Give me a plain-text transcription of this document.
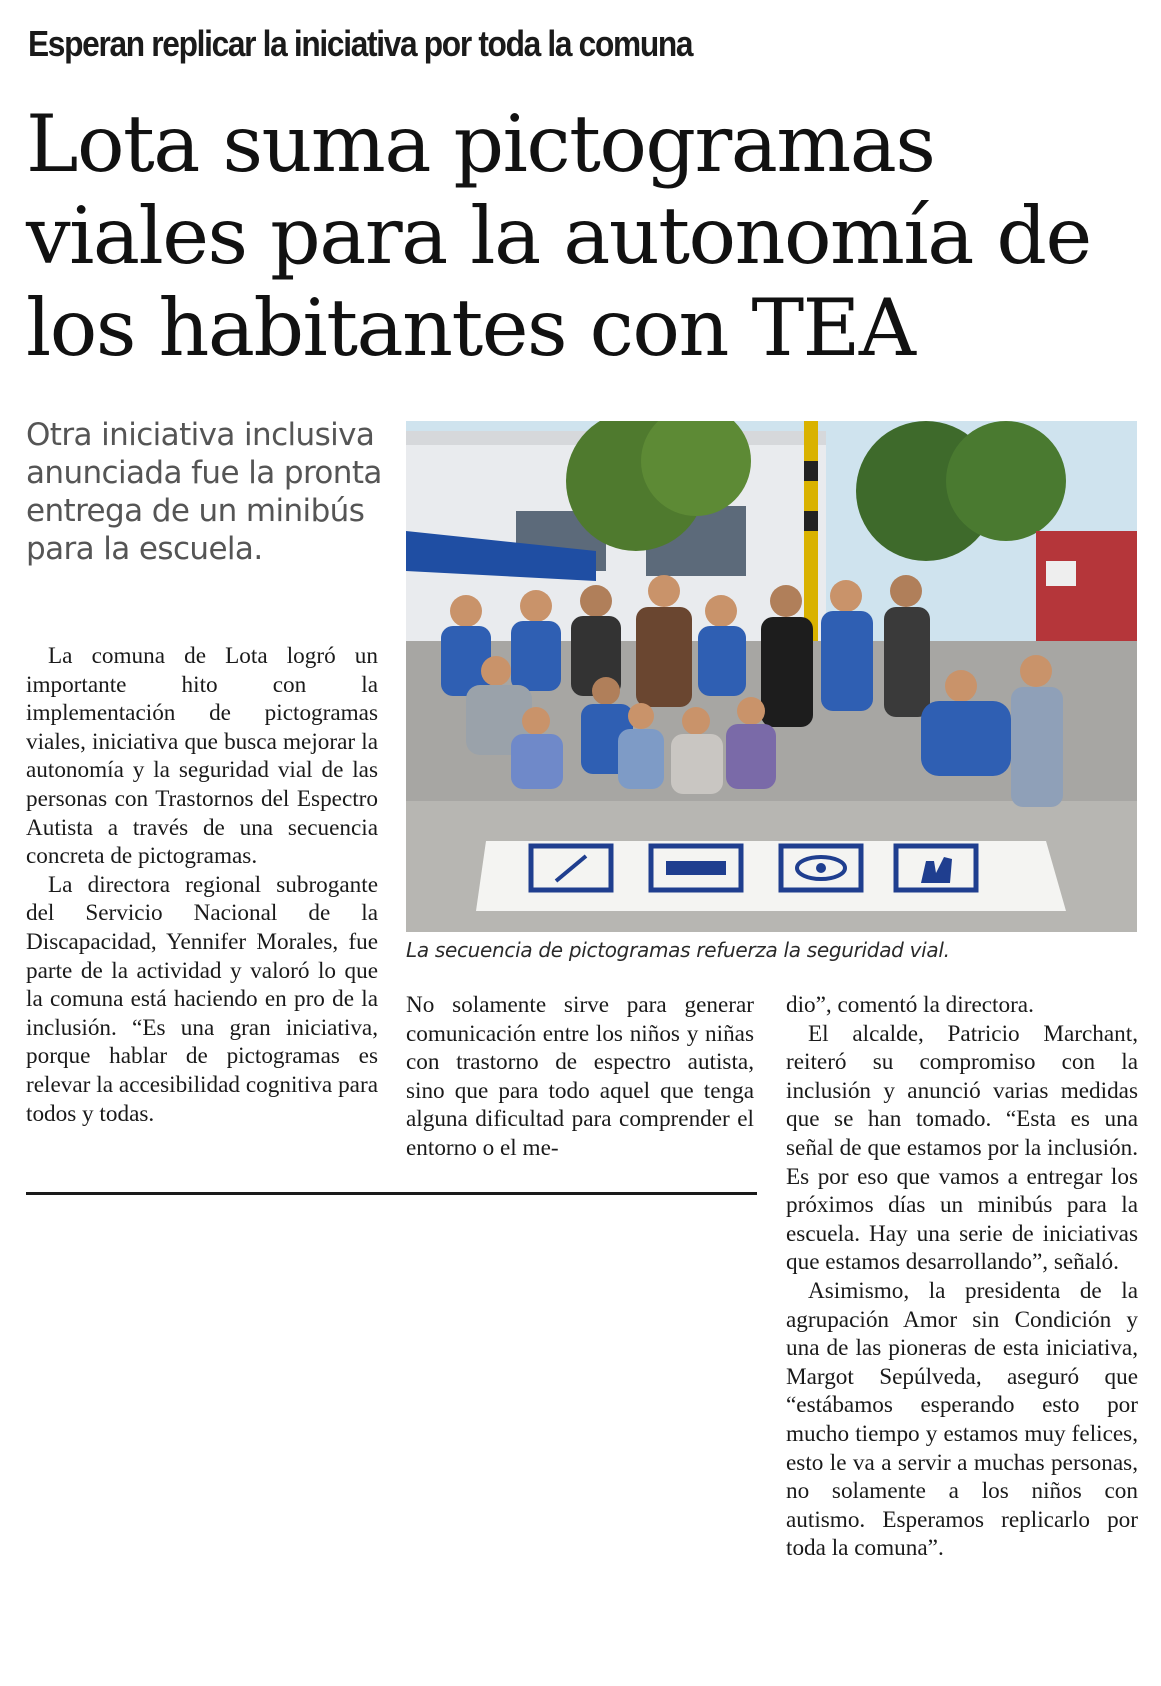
Esperan replicar la iniciativa por toda la comuna
Lota suma pictogramas viales para la autonomía de los habitantes con TEA

Otra iniciativa inclusiva anunciada fue la pronta entrega de un minibús para la escuela.

La secuencia de pictogramas refuerza la seguridad vial.

La comuna de Lota logró un importante hito con la implementación de pictogramas viales, iniciativa que busca mejorar la autonomía y la seguridad vial de las personas con Trastornos del Espectro Autista a través de una secuencia concreta de pictogramas.

La directora regional subrogante del Servicio Nacional de la Discapacidad, Yennifer Morales, fue parte de la actividad y valoró lo que la comuna está haciendo en pro de la inclusión. “Es una gran iniciativa, porque hablar de pictogramas es relevar la accesibilidad cognitiva para todos y todas.

No solamente sirve para generar comunicación entre los niños y niñas con trastorno de espectro autista, sino que para todo aquel que tenga alguna dificultad para comprender el entorno o el me-

dio”, comentó la directora.

El alcalde, Patricio Marchant, reiteró su compromiso con la inclusión y anunció varias medidas que se han tomado. “Esta es una señal de que estamos por la inclusión. Es por eso que vamos a entregar los próximos días un minibús para la escuela. Hay una serie de iniciativas que estamos desarrollando”, señaló.

Asimismo, la presidenta de la agrupación Amor sin Condición y una de las pioneras de esta iniciativa, Margot Sepúlveda, aseguró que “estábamos esperando esto por mucho tiempo y estamos muy felices, esto le va a servir a muchas personas, no solamente a los niños con autismo. Esperamos replicarlo por toda la comuna”.
